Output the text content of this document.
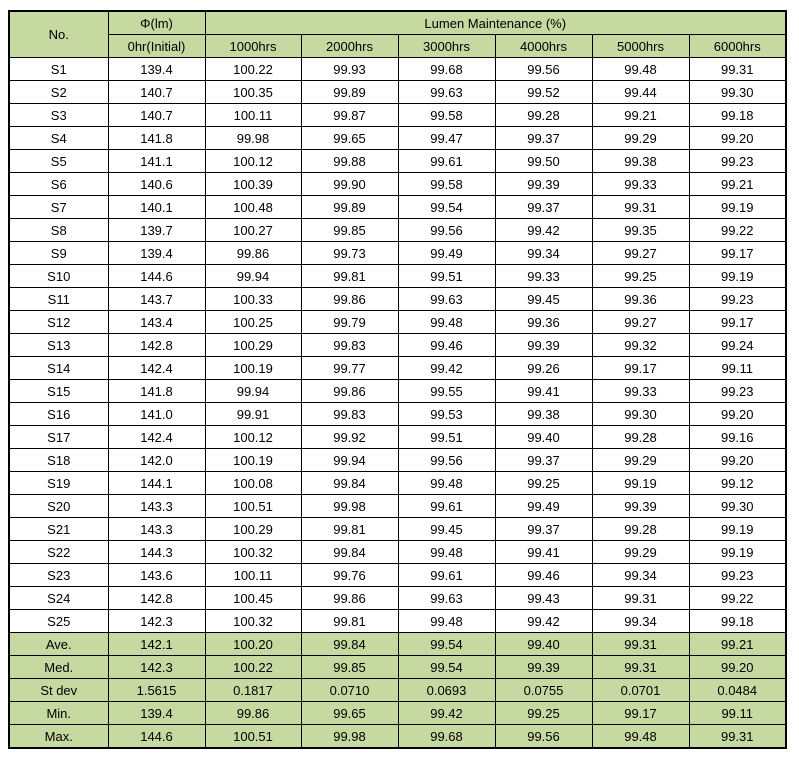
No.	Φ(lm)	Lumen Maintenance (%)					
	0hr(Initial)	1000hrs	2000hrs	3000hrs	4000hrs	5000hrs	6000hrs
S1	139.4	100.22	99.93	99.68	99.56	99.48	99.31
S2	140.7	100.35	99.89	99.63	99.52	99.44	99.30
S3	140.7	100.11	99.87	99.58	99.28	99.21	99.18
S4	141.8	99.98	99.65	99.47	99.37	99.29	99.20
S5	141.1	100.12	99.88	99.61	99.50	99.38	99.23
S6	140.6	100.39	99.90	99.58	99.39	99.33	99.21
S7	140.1	100.48	99.89	99.54	99.37	99.31	99.19
S8	139.7	100.27	99.85	99.56	99.42	99.35	99.22
S9	139.4	99.86	99.73	99.49	99.34	99.27	99.17
S10	144.6	99.94	99.81	99.51	99.33	99.25	99.19
S11	143.7	100.33	99.86	99.63	99.45	99.36	99.23
S12	143.4	100.25	99.79	99.48	99.36	99.27	99.17
S13	142.8	100.29	99.83	99.46	99.39	99.32	99.24
S14	142.4	100.19	99.77	99.42	99.26	99.17	99.11
S15	141.8	99.94	99.86	99.55	99.41	99.33	99.23
S16	141.0	99.91	99.83	99.53	99.38	99.30	99.20
S17	142.4	100.12	99.92	99.51	99.40	99.28	99.16
S18	142.0	100.19	99.94	99.56	99.37	99.29	99.20
S19	144.1	100.08	99.84	99.48	99.25	99.19	99.12
S20	143.3	100.51	99.98	99.61	99.49	99.39	99.30
S21	143.3	100.29	99.81	99.45	99.37	99.28	99.19
S22	144.3	100.32	99.84	99.48	99.41	99.29	99.19
S23	143.6	100.11	99.76	99.61	99.46	99.34	99.23
S24	142.8	100.45	99.86	99.63	99.43	99.31	99.22
S25	142.3	100.32	99.81	99.48	99.42	99.34	99.18
Ave.	142.1	100.20	99.84	99.54	99.40	99.31	99.21
Med.	142.3	100.22	99.85	99.54	99.39	99.31	99.20
St dev	1.5615	0.1817	0.0710	0.0693	0.0755	0.0701	0.0484
Min.	139.4	99.86	99.65	99.42	99.25	99.17	99.11
Max.	144.6	100.51	99.98	99.68	99.56	99.48	99.31
